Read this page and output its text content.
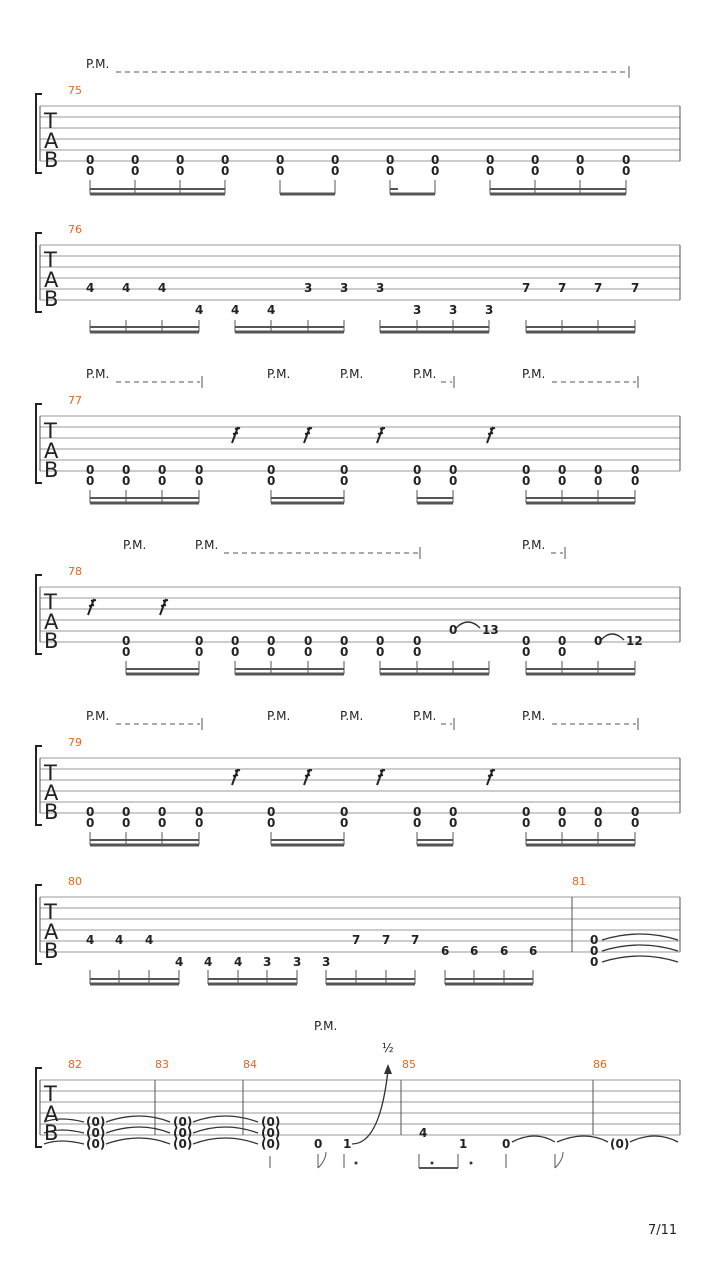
P.M.
P.M.	P.M.	P.M.	P.M.	P.M.
P.M.	P.M.	P.M.
P.M.	P.M.	P.M.	P.M.	P.M.
P.M.
75
76
77
78
79
80	81
82	83	84	85	86
T
A
B
T
A
B
T
A
B
T
A
B
T
A
B
T
A
B
T
A
B
0
0
0
0
0
0
0
0
0
0
0
0
0
0
0
0
0
0
0
0
0
0
0
0
4 4 4
4 4 4
3 3 3
3 3 3
7 7 7 7
0
0
0
0
0
0
0
0
0
0
0
0
0
0
0
0
0
0
0
0
0
0
0
0
0
0
0
0
0
0
0
0
0
0
0
0
0
0
0
0
0 13
0
0
0
0
0 12
0
0
0
0
0
0
0
0
0
0
0
0
0
0
0
0
0
0
0
0
0
0
0
0
4 4 4
4 4 4 3 3 3
7 7 7
6 6 6 6
0
0
0
(0)
(0)
(0)
(0)
(0)
(0)
(0)
(0)
(0)	0 1
4
1	0	(0)
½
7/11
